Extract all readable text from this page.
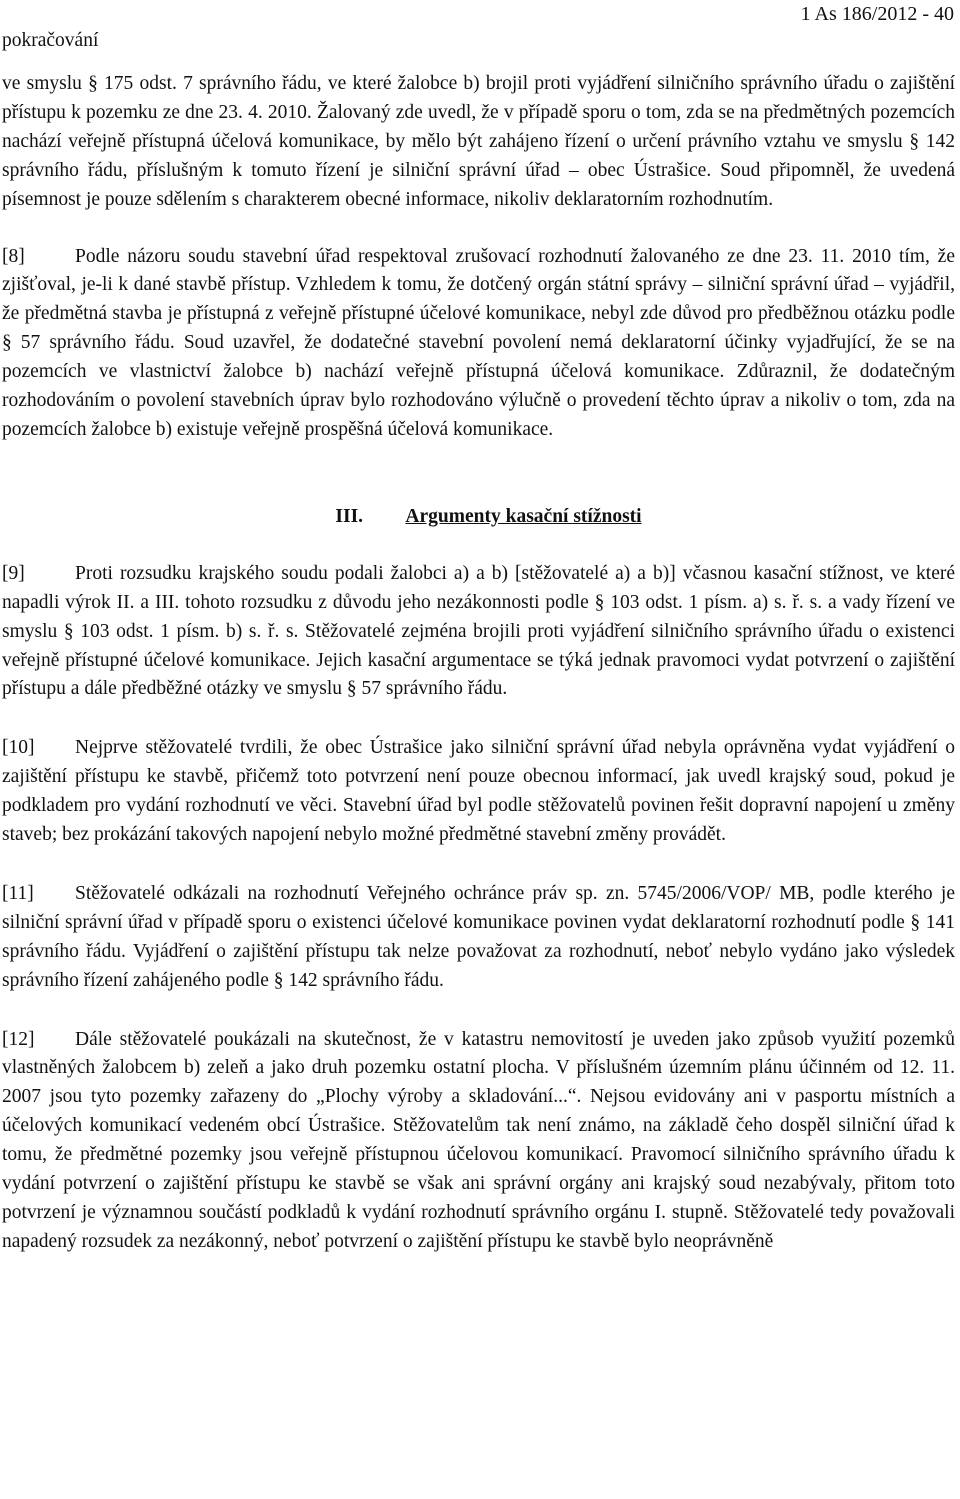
pokračování
1 As 186/2012 - 40

ve smyslu § 175 odst. 7 správního řádu, ve které žalobce b) brojil proti vyjádření silničního správního úřadu o zajištění přístupu k pozemku ze dne 23. 4. 2010. Žalovaný zde uvedl, že v případě sporu o tom, zda se na předmětných pozemcích nachází veřejně přístupná účelová komunikace, by mělo být zahájeno řízení o určení právního vztahu ve smyslu § 142 správního řádu, příslušným k tomuto řízení je silniční správní úřad – obec Ústrašice. Soud připomněl, že uvedená písemnost je pouze sdělením s charakterem obecné informace, nikoliv deklaratorním rozhodnutím.

[8]	Podle názoru soudu stavební úřad respektoval zrušovací rozhodnutí žalovaného ze dne 23. 11. 2010 tím, že zjišťoval, je-li k dané stavbě přístup. Vzhledem k tomu, že dotčený orgán státní správy – silniční správní úřad – vyjádřil, že předmětná stavba je přístupná z veřejně přístupné účelové komunikace, nebyl zde důvod pro předběžnou otázku podle § 57 správního řádu. Soud uzavřel, že dodatečné stavební povolení nemá deklaratorní účinky vyjadřující, že se na pozemcích ve vlastnictví žalobce b) nachází veřejně přístupná účelová komunikace. Zdůraznil, že dodatečným rozhodováním o povolení stavebních úprav bylo rozhodováno výlučně o provedení těchto úprav a nikoliv o tom, zda na pozemcích žalobce b) existuje veřejně prospěšná účelová komunikace.

III. Argumenty kasační stížnosti

[9]	Proti rozsudku krajského soudu podali žalobci a) a b) [stěžovatelé a) a b)] včasnou kasační stížnost, ve které napadli výrok II. a III. tohoto rozsudku z důvodu jeho nezákonnosti podle § 103 odst. 1 písm. a) s. ř. s. a vady řízení ve smyslu § 103 odst. 1 písm. b) s. ř. s. Stěžovatelé zejména brojili proti vyjádření silničního správního úřadu o existenci veřejně přístupné účelové komunikace. Jejich kasační argumentace se týká jednak pravomoci vydat potvrzení o zajištění přístupu a dále předběžné otázky ve smyslu § 57 správního řádu.

[10] Nejprve stěžovatelé tvrdili, že obec Ústrašice jako silniční správní úřad nebyla oprávněna vydat vyjádření o zajištění přístupu ke stavbě, přičemž toto potvrzení není pouze obecnou informací, jak uvedl krajský soud, pokud je podkladem pro vydání rozhodnutí ve věci. Stavební úřad byl podle stěžovatelů povinen řešit dopravní napojení u změny staveb; bez prokázání takových napojení nebylo možné předmětné stavební změny provádět.

[11] Stěžovatelé odkázali na rozhodnutí Veřejného ochránce práv sp. zn. 5745/2006/VOP/ MB, podle kterého je silniční správní úřad v případě sporu o existenci účelové komunikace povinen vydat deklaratorní rozhodnutí podle § 141 správního řádu. Vyjádření o zajištění přístupu tak nelze považovat za rozhodnutí, neboť nebylo vydáno jako výsledek správního řízení zahájeného podle § 142 správního řádu.

[12] Dále stěžovatelé poukázali na skutečnost, že v katastru nemovitostí je uveden jako způsob využití pozemků vlastněných žalobcem b) zeleň a jako druh pozemku ostatní plocha. V příslušném územním plánu účinném od 12. 11. 2007 jsou tyto pozemky zařazeny do „Plochy výroby a skladování...“. Nejsou evidovány ani v pasportu místních a účelových komunikací vedeném obcí Ústrašice. Stěžovatelům tak není známo, na základě čeho dospěl silniční úřad k tomu, že předmětné pozemky jsou veřejně přístupnou účelovou komunikací. Pravomocí silničního správního úřadu k vydání potvrzení o zajištění přístupu ke stavbě se však ani správní orgány ani krajský soud nezabývaly, přitom toto potvrzení je významnou součástí podkladů k vydání rozhodnutí správního orgánu I. stupně. Stěžovatelé tedy považovali napadený rozsudek za nezákonný, neboť potvrzení o zajištění přístupu ke stavbě bylo neoprávněně
